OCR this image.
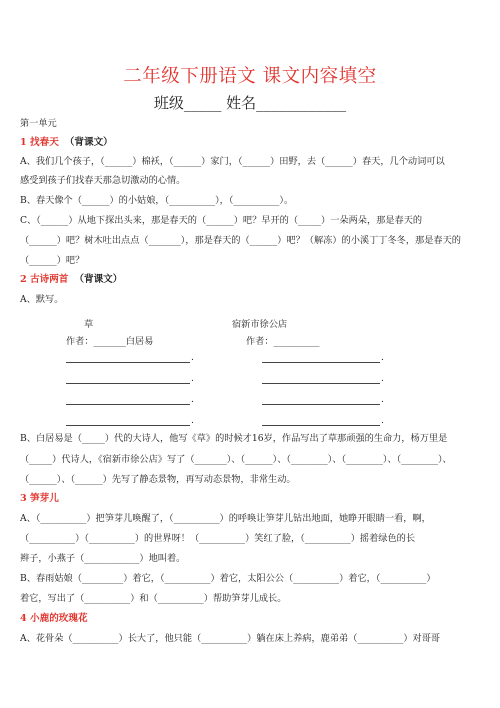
二年级下册语文 课文内容填空
班级_____ 姓名____________
第一单元
1 找春天 （背课文）
A、我们几个孩子，（______）棉袄，（______）家门，（______）田野，去（______）春天，几个动词可以
感受到孩子们找春天那急切激动的心情。
B、春天像个（______）的小姑娘，（__________），（__________）。
C、（______）从地下探出头来，那是春天的（______）吧？早开的（_____）一朵两朵，那是春天的
（______）吧？树木吐出点点（_______），那是春天的（______）吧？（解冻）的小溪丁丁冬冬，那是春天的
（______）吧？
2 古诗两首 （背课文）
A、默写。
草	宿新市徐公店
作者：_______白居易	作者：__________
.	.
.	.
.	.
.	.
B、白居易是（_____）代的大诗人，他写《草》的时候才16岁，作品写出了草那顽强的生命力，杨万里是
（_____）代诗人，《宿新市徐公店》写了（_______）、（______）、（________）、（________）、（________）、
（______）、（______）先写了静态景物，再写动态景物，非常生动。
3 笋芽儿
A、（__________）把笋芽儿唤醒了，（__________）的呼唤让笋芽儿钻出地面，她睁开眼睛一看，啊，
（__________）（__________）的世界呀！（__________）笑红了脸，（__________）摇着绿色的长
辫子，小燕子（____________）地叫着。
B、春雨姑娘（_________）着它，（__________）着它，太阳公公（__________）着它，（__________）
着它，写出了（__________）和（__________）帮助笋芽儿成长。
4 小鹿的玫瑰花
A、花骨朵（__________）长大了，他只能（__________）躺在床上养病，鹿弟弟（__________）对哥哥
